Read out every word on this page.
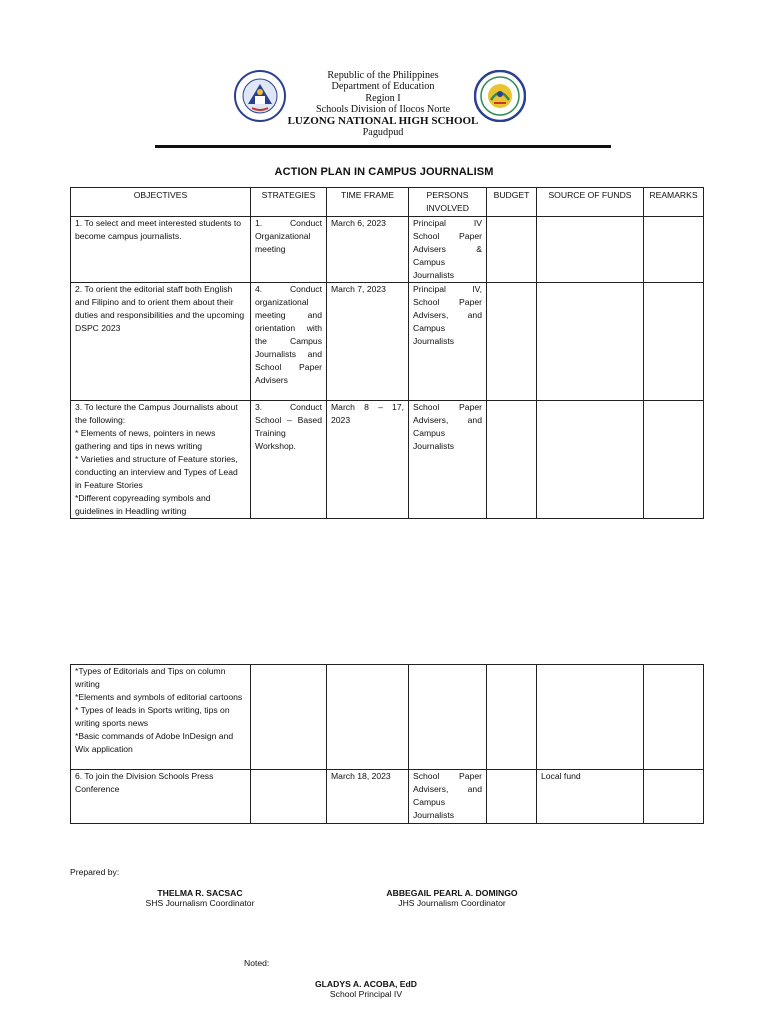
Republic of the Philippines
Department of Education
Region I
Schools Division of Ilocos Norte
LUZONG NATIONAL HIGH SCHOOL
Pagudpud
ACTION PLAN IN CAMPUS JOURNALISM
OBJECTIVES	STRATEGIES	TIME FRAME	PERSONS INVOLVED	BUDGET	SOURCE OF FUNDS	REAMARKS

1. To select and meet interested students to become campus journalists.	1. Conduct Organizational meeting	March 6, 2023	Principal IV School Paper Advisers & Campus Journalists			

2. To orient the editorial staff both English and Filipino and to orient them about their duties and responsibilities and the upcoming DSPC 2023	4. Conduct organizational meeting and orientation with the Campus Journalists and School Paper Advisers	March 7, 2023	Principal IV, School Paper Advisers, and Campus Journalists			

3. To lecture the Campus Journalists about the following:
* Elements of news, pointers in news gathering and tips in news writing
* Varieties and structure of Feature stories, conducting an interview and Types of Lead in Feature Stories
*Different copyreading symbols and guidelines in Headling writing	3. Conduct School – Based Training Workshop.	March 8 – 17, 2023	School Paper Advisers, and Campus Journalists			
*Types of Editorials and Tips on column writing
*Elements and symbols of editorial cartoons
* Types of leads in Sports writing, tips on writing sports news
*Basic commands of Adobe InDesign and Wix application						

6. To join the Division Schools Press Conference		March 18, 2023	School Paper Advisers, and Campus Journalists		Local fund	
Prepared by:
THELMA R. SACSAC
SHS Journalism Coordinator
ABBEGAIL PEARL A. DOMINGO
JHS Journalism Coordinator
Noted:
GLADYS A. ACOBA, EdD
School Principal IV
